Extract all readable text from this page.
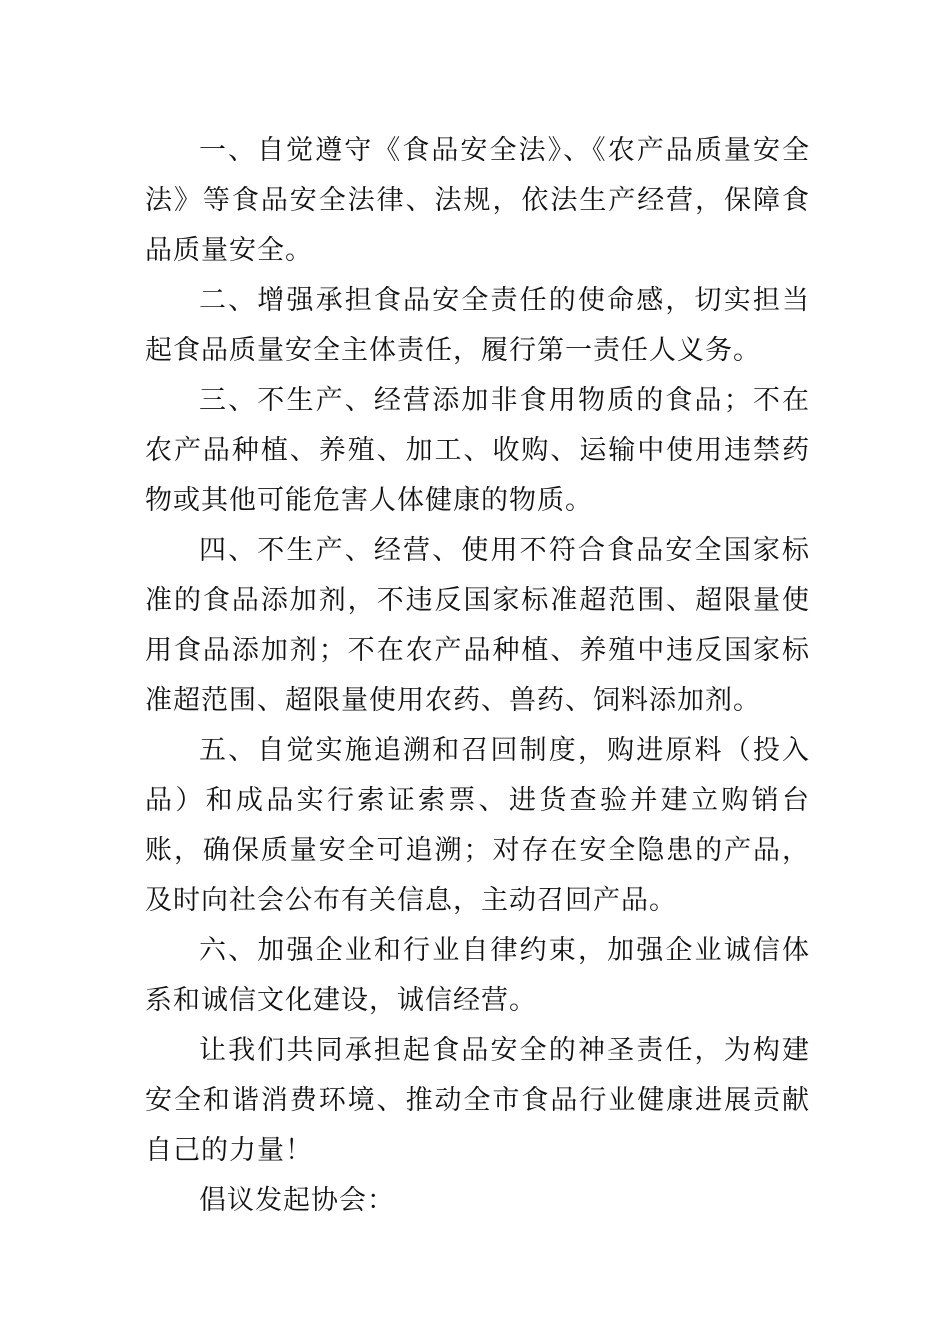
一、自觉遵守《食品安全法》、《农产品质量安全法》等食品安全法律、法规，依法生产经营，保障食品质量安全。

二、增强承担食品安全责任的使命感，切实担当起食品质量安全主体责任，履行第一责任人义务。

三、不生产、经营添加非食用物质的食品；不在农产品种植、养殖、加工、收购、运输中使用违禁药物或其他可能危害人体健康的物质。

四、不生产、经营、使用不符合食品安全国家标准的食品添加剂，不违反国家标准超范围、超限量使用食品添加剂；不在农产品种植、养殖中违反国家标准超范围、超限量使用农药、兽药、饲料添加剂。

五、自觉实施追溯和召回制度，购进原料（投入品）和成品实行索证索票、进货查验并建立购销台账，确保质量安全可追溯；对存在安全隐患的产品，及时向社会公布有关信息，主动召回产品。

六、加强企业和行业自律约束，加强企业诚信体系和诚信文化建设，诚信经营。

让我们共同承担起食品安全的神圣责任，为构建安全和谐消费环境、推动全市食品行业健康进展贡献自己的力量！

倡议发起协会：
